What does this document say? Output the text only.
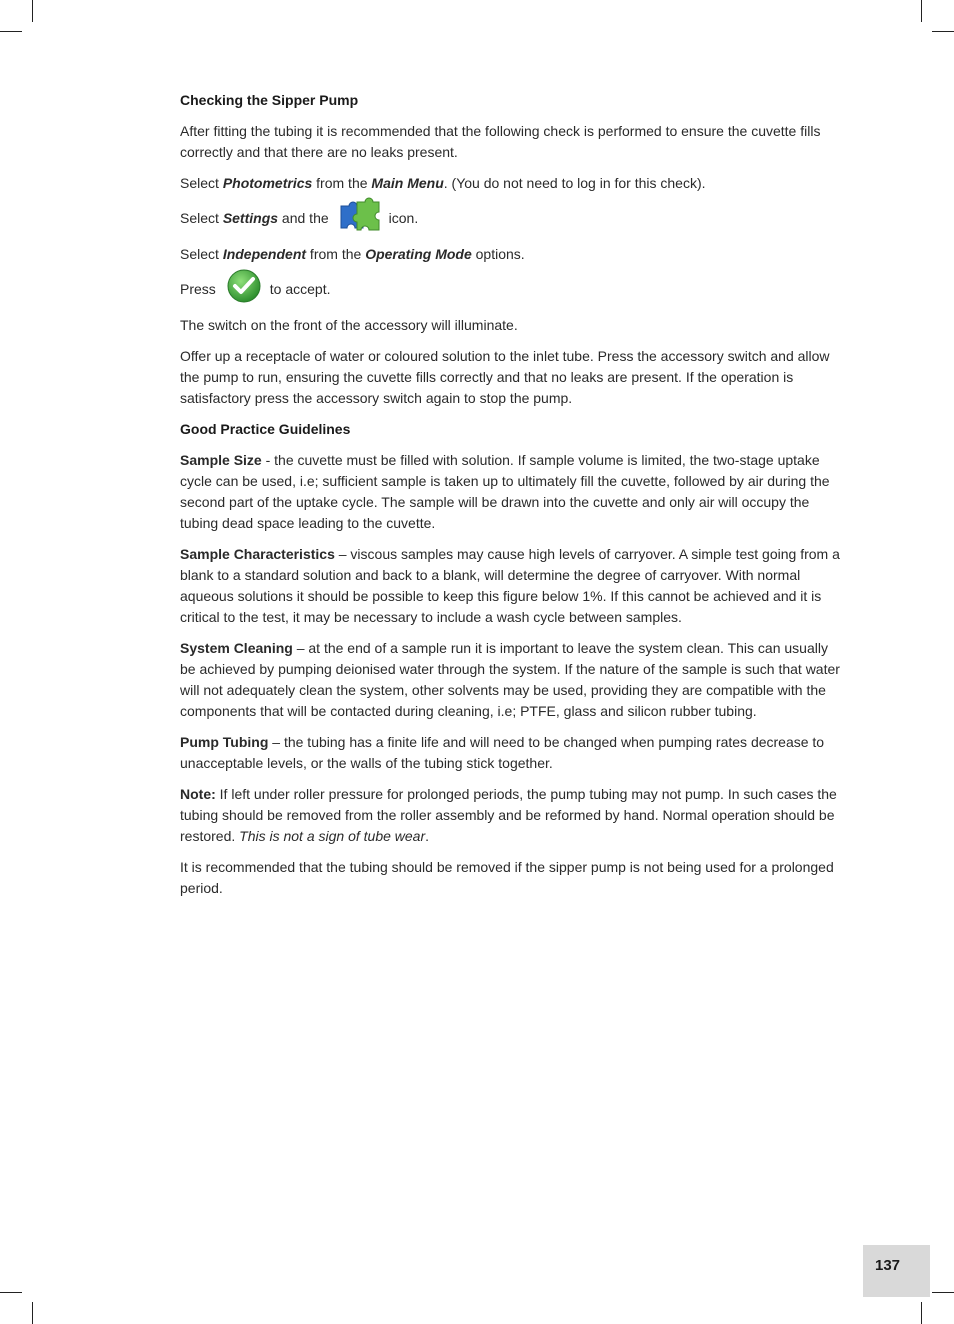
Checking the Sipper Pump

After fitting the tubing it is recommended that the following check is performed to ensure the cuvette fills correctly and that there are no leaks present.

Select Photometrics from the Main Menu. (You do not need to log in for this check).

Select Settings and the	icon.

Select Independent from the Operating Mode options.

Press	to accept.

The switch on the front of the accessory will illuminate.

Offer up a receptacle of water or coloured solution to the inlet tube. Press the accessory switch and allow the pump to run, ensuring the cuvette fills correctly and that no leaks are present. If the operation is satisfactory press the accessory switch again to stop the pump.

Good Practice Guidelines

Sample Size - the cuvette must be filled with solution. If sample volume is limited, the two-stage uptake cycle can be used, i.e; sufficient sample is taken up to ultimately fill the cuvette, followed by air during the second part of the uptake cycle. The sample will be drawn into the cuvette and only air will occupy the tubing dead space leading to the cuvette.

Sample Characteristics – viscous samples may cause high levels of carryover. A simple test going from a blank to a standard solution and back to a blank, will determine the degree of carryover. With normal aqueous solutions it should be possible to keep this figure below 1%. If this cannot be achieved and it is critical to the test, it may be necessary to include a wash cycle between samples.

System Cleaning – at the end of a sample run it is important to leave the system clean. This can usually be achieved by pumping deionised water through the system. If the nature of the sample is such that water will not adequately clean the system, other solvents may be used, providing they are compatible with the components that will be contacted during cleaning, i.e; PTFE, glass and silicon rubber tubing.

Pump Tubing – the tubing has a finite life and will need to be changed when pumping rates decrease to unacceptable levels, or the walls of the tubing stick together.

Note: If left under roller pressure for prolonged periods, the pump tubing may not pump. In such cases the tubing should be removed from the roller assembly and be reformed by hand. Normal operation should be restored. This is not a sign of tube wear.

It is recommended that the tubing should be removed if the sipper pump is not being used for a prolonged period.

137
